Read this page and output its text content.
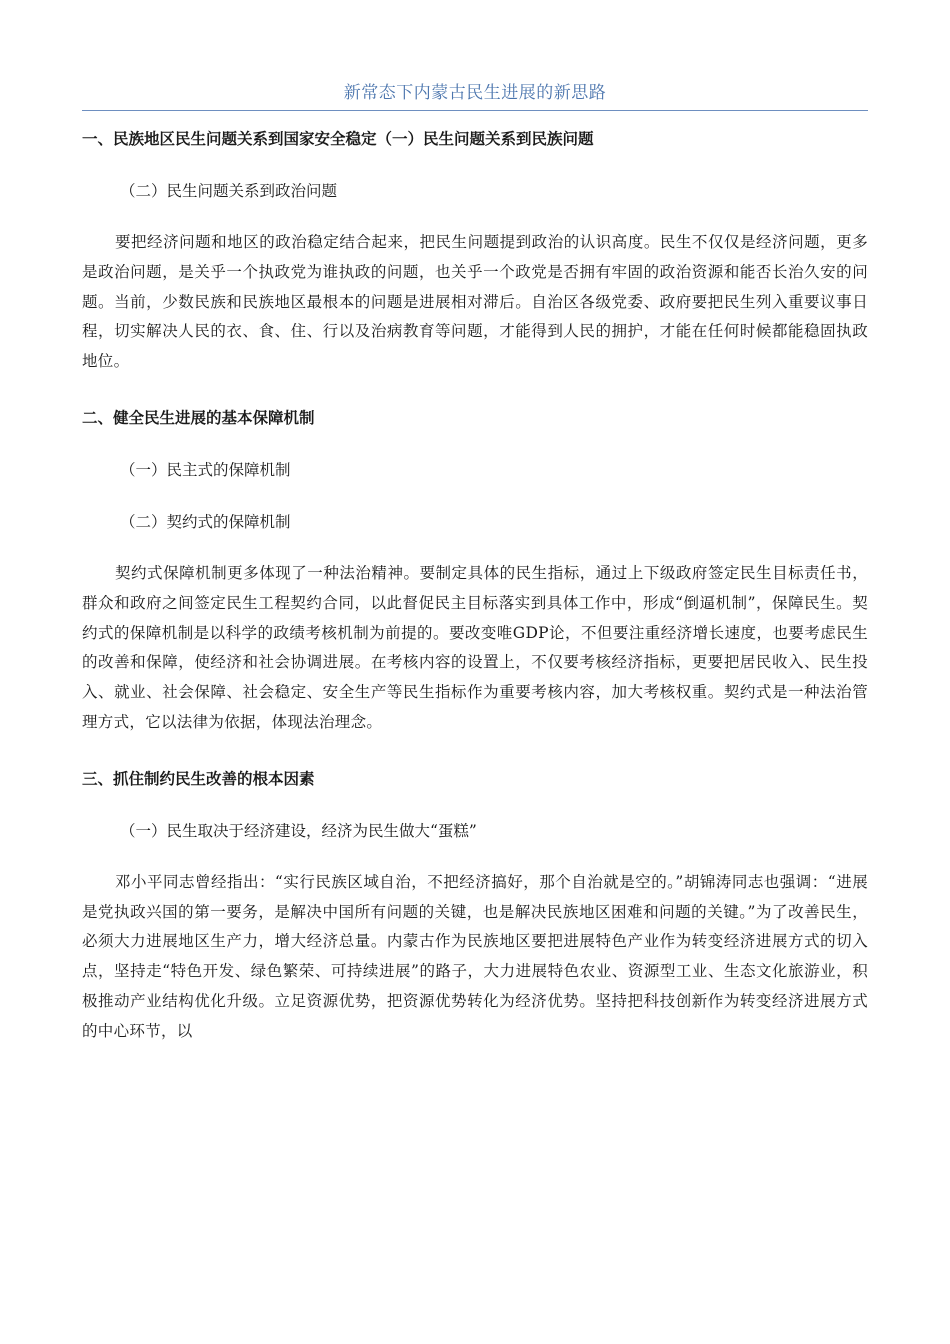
新常态下内蒙古民生进展的新思路
一、民族地区民生问题关系到国家安全稳定（一）民生问题关系到民族问题
（二）民生问题关系到政治问题

要把经济问题和地区的政治稳定结合起来，把民生问题提到政治的认识高度。民生不仅仅是经济问题，更多是政治问题，是关乎一个执政党为谁执政的问题，也关乎一个政党是否拥有牢固的政治资源和能否长治久安的问题。当前，少数民族和民族地区最根本的问题是进展相对滞后。自治区各级党委、政府要把民生列入重要议事日程，切实解决人民的衣、食、住、行以及治病教育等问题，才能得到人民的拥护，才能在任何时候都能稳固执政地位。

二、健全民生进展的基本保障机制
（一）民主式的保障机制
（二）契约式的保障机制

契约式保障机制更多体现了一种法治精神。要制定具体的民生指标，通过上下级政府签定民生目标责任书，群众和政府之间签定民生工程契约合同，以此督促民主目标落实到具体工作中，形成“倒逼机制”，保障民生。契约式的保障机制是以科学的政绩考核机制为前提的。要改变唯GDP论，不但要注重经济增长速度，也要考虑民生的改善和保障，使经济和社会协调进展。在考核内容的设置上，不仅要考核经济指标，更要把居民收入、民生投入、就业、社会保障、社会稳定、安全生产等民生指标作为重要考核内容，加大考核权重。契约式是一种法治管理方式，它以法律为依据，体现法治理念。

三、抓住制约民生改善的根本因素
（一）民生取决于经济建设，经济为民生做大“蛋糕”

邓小平同志曾经指出：“实行民族区域自治，不把经济搞好，那个自治就是空的。”胡锦涛同志也强调：“进展是党执政兴国的第一要务，是解决中国所有问题的关键，也是解决民族地区困难和问题的关键。”为了改善民生，必须大力进展地区生产力，增大经济总量。内蒙古作为民族地区要把进展特色产业作为转变经济进展方式的切入点，坚持走“特色开发、绿色繁荣、可持续进展”的路子，大力进展特色农业、资源型工业、生态文化旅游业，积极推动产业结构优化升级。立足资源优势，把资源优势转化为经济优势。坚持把科技创新作为转变经济进展方式的中心环节，以
